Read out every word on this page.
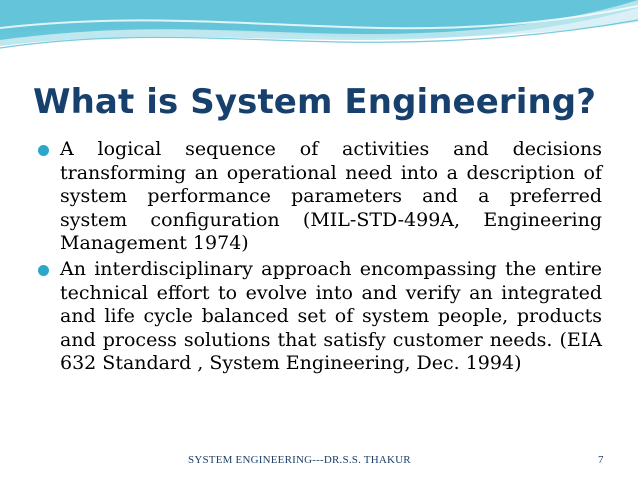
What is System Engineering?
A logical sequence of activities and decisions transforming an operational need into a description of system performance parameters and a preferred system configuration (MIL-STD-499A, Engineering Management 1974)
An interdisciplinary approach encompassing the entire technical effort to evolve into and verify an integrated and life cycle balanced set of system people, products and process solutions that satisfy customer needs. (EIA 632 Standard , System Engineering, Dec. 1994)
SYSTEM ENGINEERING---DR.S.S. THAKUR	7
